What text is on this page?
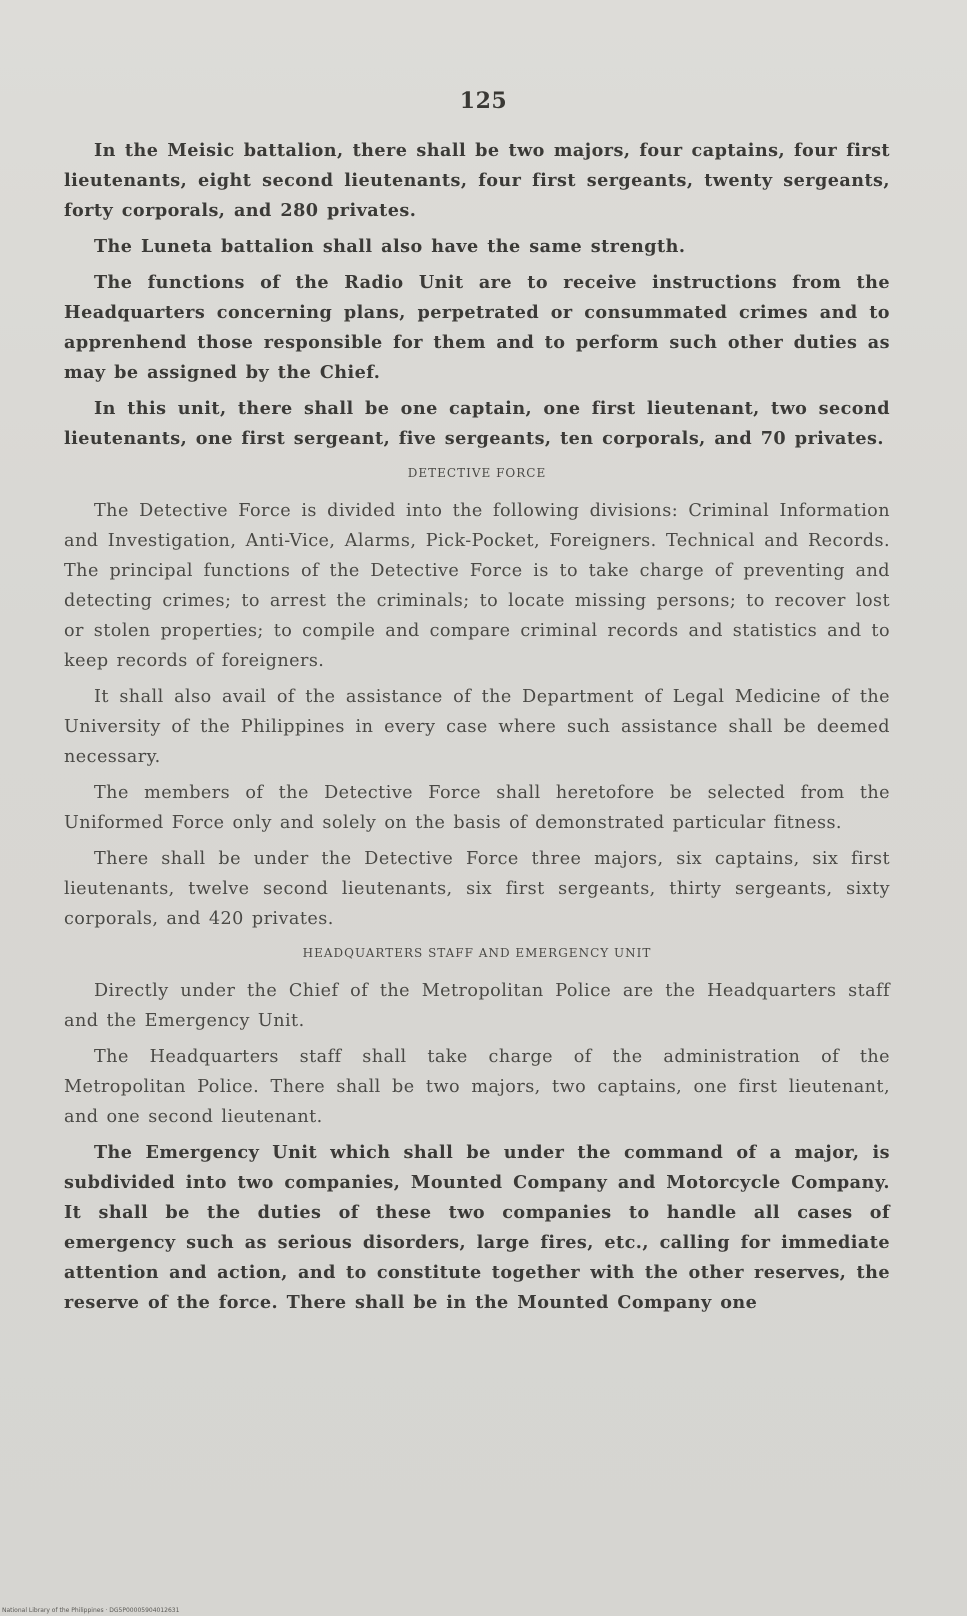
125

In the Meisic battalion, there shall be two majors, four captains, four first lieutenants, eight second lieutenants, four first sergeants, twenty sergeants, forty corporals, and 280 privates.

The Luneta battalion shall also have the same strength.

The functions of the Radio Unit are to receive instructions from the Headquarters concerning plans, perpetrated or consummated crimes and to apprenhend those responsible for them and to perform such other duties as may be assigned by the Chief.

In this unit, there shall be one captain, one first lieutenant, two second lieutenants, one first sergeant, five sergeants, ten corporals, and 70 privates.

DETECTIVE FORCE

The Detective Force is divided into the following divisions: Criminal Information and Investigation, Anti-Vice, Alarms, Pick-Pocket, Foreigners. Technical and Records. The principal functions of the Detective Force is to take charge of preventing and detecting crimes; to arrest the criminals; to locate missing persons; to recover lost or stolen properties; to compile and compare criminal records and statistics and to keep records of foreigners.

It shall also avail of the assistance of the Department of Legal Medicine of the University of the Philippines in every case where such assistance shall be deemed necessary.

The members of the Detective Force shall heretofore be selected from the Uniformed Force only and solely on the basis of demonstrated particular fitness.

There shall be under the Detective Force three majors, six captains, six first lieutenants, twelve second lieutenants, six first sergeants, thirty sergeants, sixty corporals, and 420 privates.

HEADQUARTERS STAFF AND EMERGENCY UNIT

Directly under the Chief of the Metropolitan Police are the Headquarters staff and the Emergency Unit.

The Headquarters staff shall take charge of the administration of the Metropolitan Police. There shall be two majors, two captains, one first lieutenant, and one second lieutenant.

The Emergency Unit which shall be under the command of a major, is subdivided into two companies, Mounted Company and Motorcycle Company. It shall be the duties of these two companies to handle all cases of emergency such as serious disorders, large fires, etc., calling for immediate attention and action, and to constitute together with the other reserves, the reserve of the force. There shall be in the Mounted Company one

National Library of the Philippines · DG5P00005904012631
